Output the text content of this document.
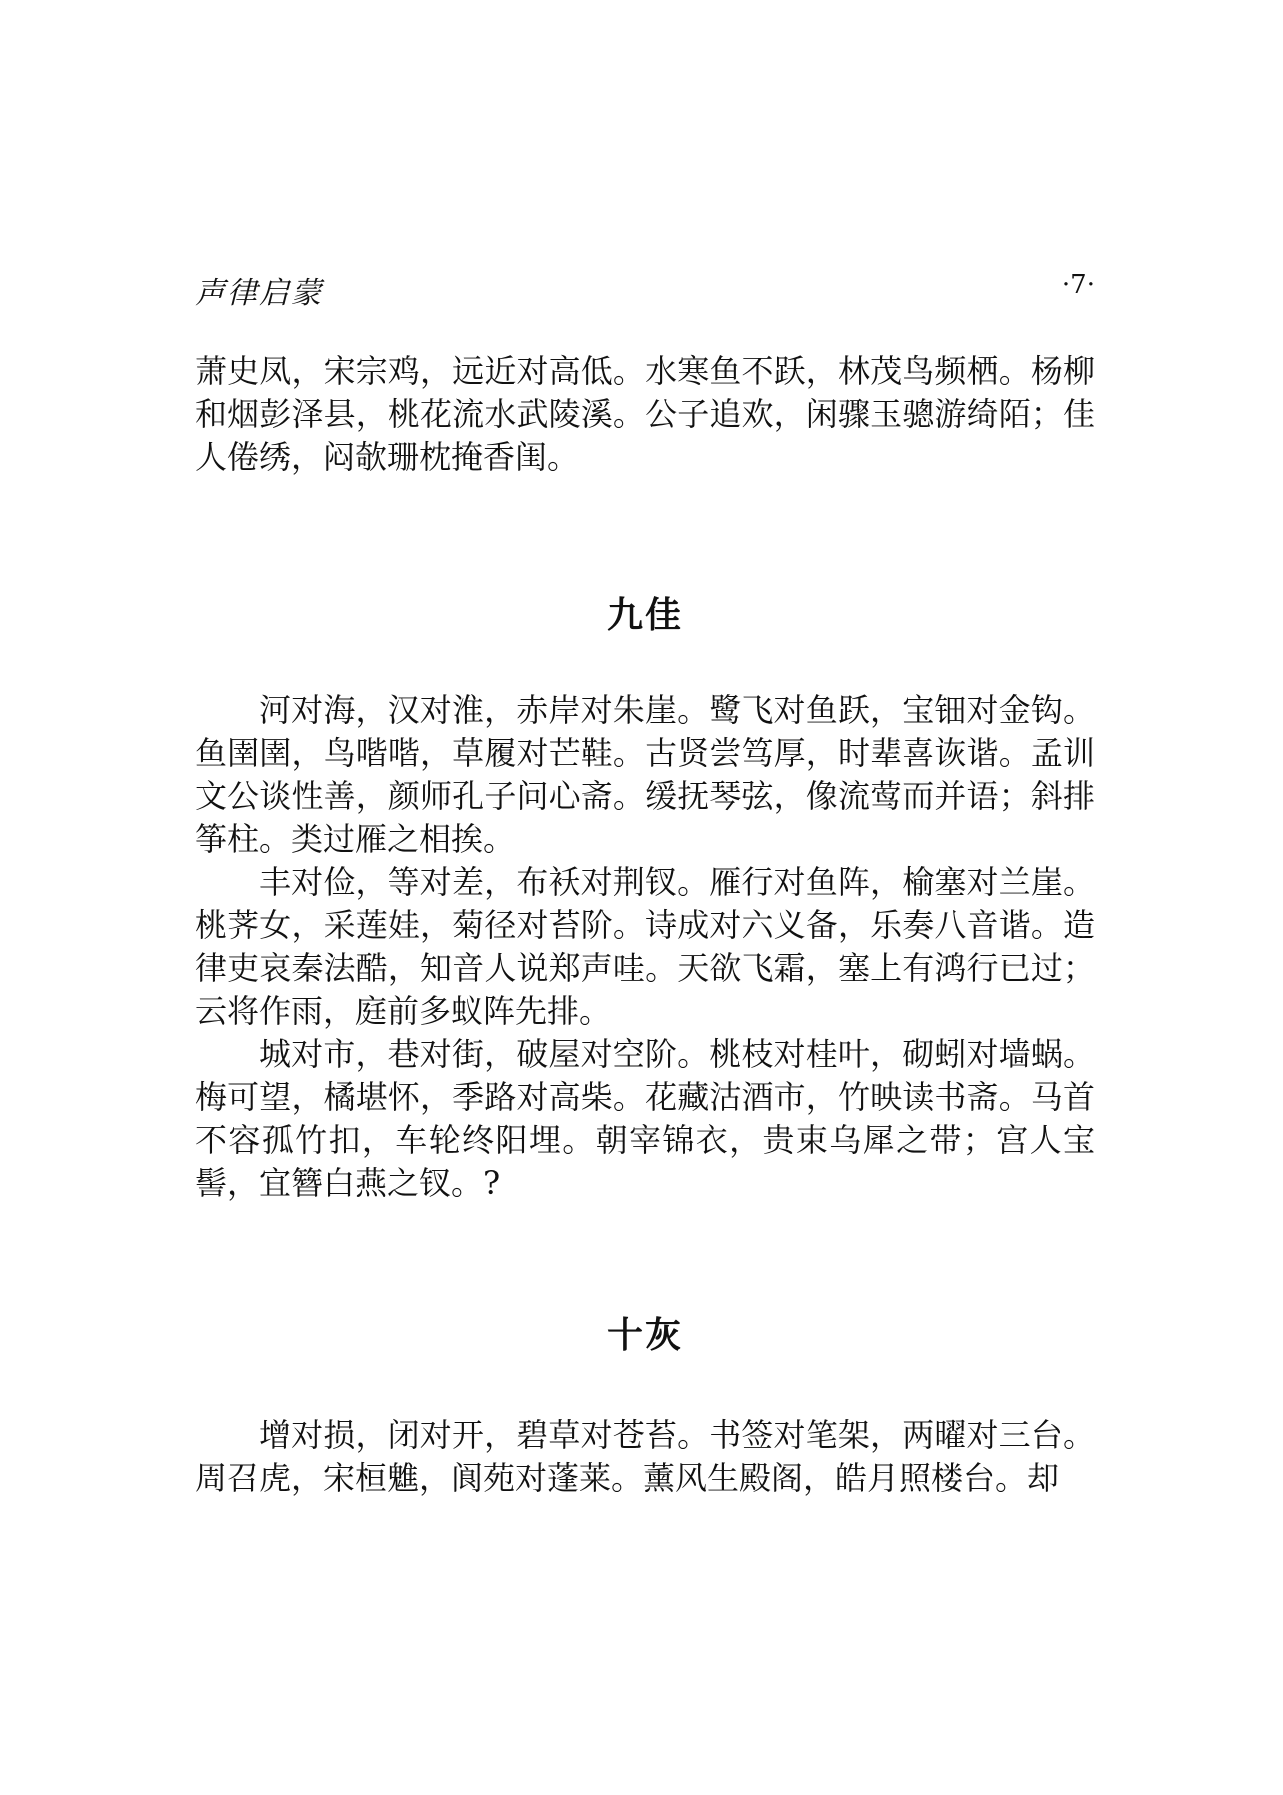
声律启蒙	·7·

萧史凤，宋宗鸡，远近对高低。水寒鱼不跃，林茂鸟频栖。杨柳和烟彭泽县，桃花流水武陵溪。公子追欢，闲骤玉骢游绮陌；佳人倦绣，闷欹珊枕掩香闺。

九佳

河对海，汉对淮，赤岸对朱崖。鹭飞对鱼跃，宝钿对金钩。鱼圉圉，鸟喈喈，草履对芒鞋。古贤尝笃厚，时辈喜诙谐。孟训文公谈性善，颜师孔子问心斋。缓抚琴弦，像流莺而并语；斜排筝柱。类过雁之相挨。

丰对俭，等对差，布袄对荆钗。雁行对鱼阵，榆塞对兰崖。桃荠女，采莲娃，菊径对苔阶。诗成对六义备，乐奏八音谐。造律吏哀秦法酷，知音人说郑声哇。天欲飞霜，塞上有鸿行已过；云将作雨，庭前多蚁阵先排。

城对市，巷对街，破屋对空阶。桃枝对桂叶，砌蚓对墙蜗。梅可望，橘堪怀，季路对高柴。花藏沽酒市，竹映读书斋。马首不容孤竹扣，车轮终阳埋。朝宰锦衣，贵束乌犀之带；宫人宝髻，宜簪白燕之钗。?

十灰

增对损，闭对开，碧草对苍苔。书签对笔架，两曜对三台。周召虎，宋桓魋，阆苑对蓬莱。薰风生殿阁，皓月照楼台。却
